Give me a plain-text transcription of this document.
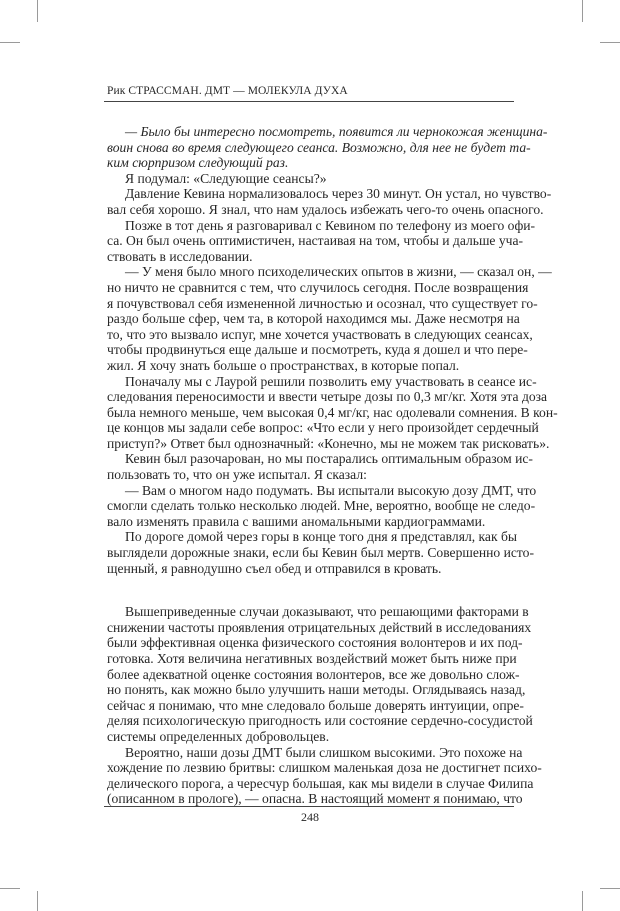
Рик СТРАССМАН. ДМТ — МОЛЕКУЛА ДУХА
— Было бы интересно посмотреть, появится ли чернокожая женщина-
воин снова во время следующего сеанса. Возможно, для нее не будет та-
ким сюрпризом следующий раз.
Я подумал: «Следующие сеансы?»
Давление Кевина нормализовалось через 30 минут. Он устал, но чувство-
вал себя хорошо. Я знал, что нам удалось избежать чего-то очень опасного.
Позже в тот день я разговаривал с Кевином по телефону из моего офи-
са. Он был очень оптимистичен, настаивая на том, чтобы и дальше уча-
ствовать в исследовании.
— У меня было много психоделических опытов в жизни, — сказал он, —
но ничто не сравнится с тем, что случилось сегодня. После возвращения
я почувствовал себя измененной личностью и осознал, что существует го-
раздо больше сфер, чем та, в которой находимся мы. Даже несмотря на
то, что это вызвало испуг, мне хочется участвовать в следующих сеансах,
чтобы продвинуться еще дальше и посмотреть, куда я дошел и что пере-
жил. Я хочу знать больше о пространствах, в которые попал.
Поначалу мы с Лаурой решили позволить ему участвовать в сеансе ис-
следования переносимости и ввести четыре дозы по 0,3 мг/кг. Хотя эта доза
была немного меньше, чем высокая 0,4 мг/кг, нас одолевали сомнения. В кон-
це концов мы задали себе вопрос: «Что если у него произойдет сердечный
приступ?» Ответ был однозначный: «Конечно, мы не можем так рисковать».
Кевин был разочарован, но мы постарались оптимальным образом ис-
пользовать то, что он уже испытал. Я сказал:
— Вам о многом надо подумать. Вы испытали высокую дозу ДМТ, что
смогли сделать только несколько людей. Мне, вероятно, вообще не следо-
вало изменять правила с вашими аномальными кардиограммами.
По дороге домой через горы в конце того дня я представлял, как бы
выглядели дорожные знаки, если бы Кевин был мертв. Совершенно исто-
щенный, я равнодушно съел обед и отправился в кровать.
Вышеприведенные случаи доказывают, что решающими факторами в
снижении частоты проявления отрицательных действий в исследованиях
были эффективная оценка физического состояния волонтеров и их под-
готовка. Хотя величина негативных воздействий может быть ниже при
более адекватной оценке состояния волонтеров, все же довольно слож-
но понять, как можно было улучшить наши методы. Оглядываясь назад,
сейчас я понимаю, что мне следовало больше доверять интуиции, опре-
деляя психологическую пригодность или состояние сердечно-сосудистой
системы определенных добровольцев.
Вероятно, наши дозы ДМТ были слишком высокими. Это похоже на
хождение по лезвию бритвы: слишком маленькая доза не достигнет психо-
делического порога, а чересчур большая, как мы видели в случае Филипа
(описанном в прологе), — опасна. В настоящий момент я понимаю, что
248
